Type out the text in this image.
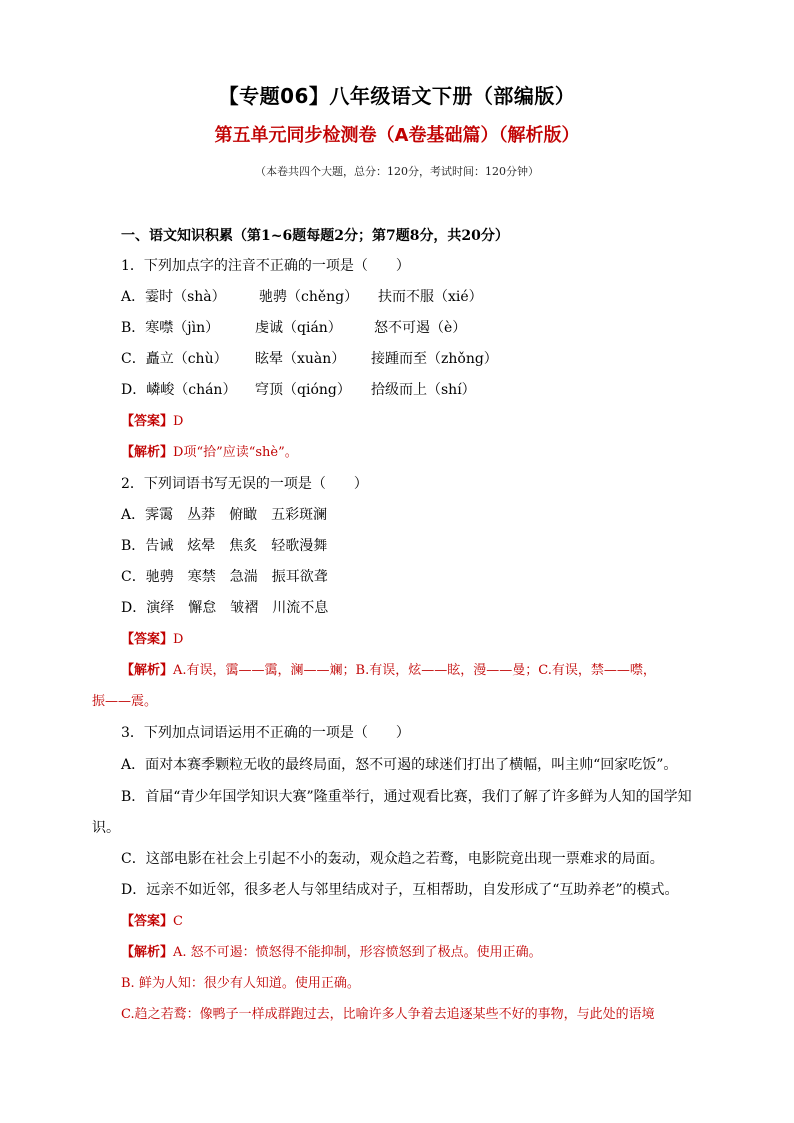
【专题06】八年级语文下册（部编版）
第五单元同步检测卷（A卷基础篇）（解析版）
（本卷共四个大题，总分：120分，考试时间：120分钟）
一、语文知识积累（第1~6题每题2分；第7题8分，共20分）
1．下列加点字的注音不正确的一项是（　　）
A．霎时（shà） 驰骋（chěng） 扶而不服（xié）
B．寒噤（jìn）	虔诚（qián） 怒不可遏（è）
C．矗立（chù） 眩晕（xuàn） 接踵而至（zhǒng）
D．嶙峻（chán） 穹顶（qióng） 拾级而上（shí）
【答案】D
【解析】D项“拾”应读“shè”。
2．下列词语书写无误的一项是（　　）
A．霁霭　丛莽　俯瞰　五彩斑澜
B．告诫　炫晕　焦炙　轻歌漫舞
C．驰骋　寒禁　急湍　振耳欲聋
D．演绎　懈怠　皱褶　川流不息
【答案】D
【解析】A.有误，霭——霭，澜——斓；B.有误，炫——眩，漫——曼；C.有误，禁——噤，
振——震。
3．下列加点词语运用不正确的一项是（　　）
A．面对本赛季颗粒无收的最终局面，怒不可遏的球迷们打出了横幅，叫主帅“回家吃饭”。
B．首届“青少年国学知识大赛”隆重举行，通过观看比赛，我们了解了许多鲜为人知的国学知
识。
C．这部电影在社会上引起不小的轰动，观众趋之若鹜，电影院竟出现一票难求的局面。
D．远亲不如近邻，很多老人与邻里结成对子，互相帮助，自发形成了“互助养老”的模式。
【答案】C
【解析】A. 怒不可遏：愤怒得不能抑制，形容愤怒到了极点。使用正确。
B. 鲜为人知：很少有人知道。使用正确。
C.趋之若鹜：像鸭子一样成群跑过去，比喻许多人争着去追逐某些不好的事物，与此处的语境
